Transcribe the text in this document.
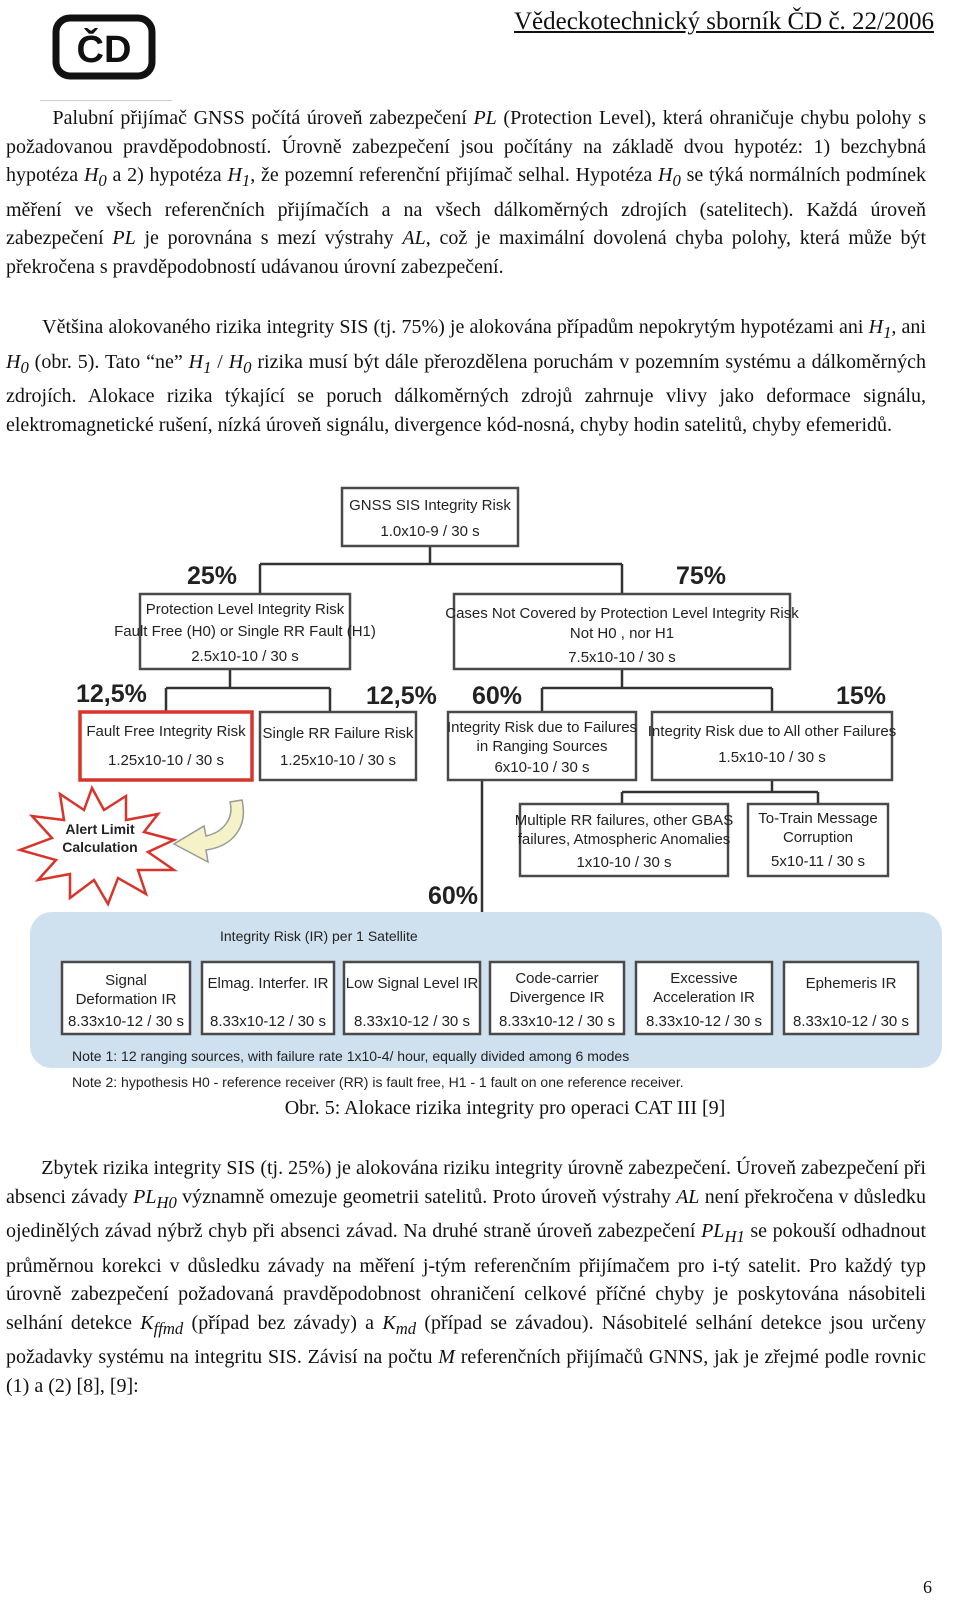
ČD
Vědeckotechnický sborník ČD č. 22/2006
Palubní přijímač GNSS počítá úroveň zabezpečení PL (Protection Level), která ohraničuje chybu polohy s požadovanou pravděpodobností. Úrovně zabezpečení jsou počítány na základě dvou hypotéz: 1) bezchybná hypotéza $H_0$ a 2) hypotéza $H_1$, že pozemní referenční přijímač selhal. Hypotéza $H_0$ se týká normálních podmínek měření ve všech referenčních přijímačích a na všech dálkoměrných zdrojích (satelitech). Každá úroveň zabezpečení PL je porovnána s mezí výstrahy AL, což je maximální dovolená chyba polohy, která může být překročena s pravděpodobností udávanou úrovní zabezpečení.
Většina alokovaného rizika integrity SIS (tj. 75%) je alokována případům nepokrytým hypotézami ani $H_1$, ani $H_0$ (obr. 5). Tato “ne” $H_1 / H_0$ rizika musí být dále přerozdělena poruchám v pozemním systému a dálkoměrných zdrojích. Alokace rizika týkající se poruch dálkoměrných zdrojů zahrnuje vlivy jako deformace signálu, elektromagnetické rušení, nízká úroveň signálu, divergence kód-nosná, chyby hodin satelitů, chyby efemeridů.
GNSS SIS Integrity Risk
1.0x10-9 / 30 s
25%	75%
Protection Level Integrity Risk
Fault Free (H0) or Single RR Fault (H1)
2.5x10-10 / 30 s
Cases Not Covered by Protection Level Integrity Risk
Not H0 , nor H1
7.5x10-10 / 30 s
12,5%	12,5% 60%	15%
Fault Free Integrity Risk
1.25x10-10 / 30 s
Single RR Failure Risk
1.25x10-10 / 30 s
Integrity Risk due to Failures
in Ranging Sources
6x10-10 / 30 s
Integrity Risk due to All other Failures
1.5x10-10 / 30 s
Alert Limit
Calculation
Multiple RR failures, other GBAS
failures, Atmospheric Anomalies
1x10-10 / 30 s
To-Train Message
Corruption
5x10-11 / 30 s
60%
Integrity Risk (IR) per 1 Satellite
Signal
Deformation IR
8.33x10-12 / 30 s
Elmag. Interfer. IR
8.33x10-12 / 30 s
Low Signal Level IR
8.33x10-12 / 30 s
Code-carrier
Divergence IR
8.33x10-12 / 30 s
Excessive
Acceleration IR
8.33x10-12 / 30 s
Ephemeris IR
8.33x10-12 / 30 s
Note 1: 12 ranging sources, with failure rate 1x10-4/ hour, equally divided among 6 modes
Note 2: hypothesis H0 - reference receiver (RR) is fault free, H1 - 1 fault on one reference receiver.
Obr. 5: Alokace rizika integrity pro operaci CAT III [9]
Zbytek rizika integrity SIS (tj. 25%) je alokována riziku integrity úrovně zabezpečení. Úroveň zabezpečení při absenci závady $PL_{H0}$ významně omezuje geometrii satelitů. Proto úroveň výstrahy AL není překročena v důsledku ojedinělých závad nýbrž chyb při absenci závad. Na druhé straně úroveň zabezpečení $PL_{H1}$ se pokouší odhadnout průměrnou korekci v důsledku závady na měření j-tým referenčním přijímačem pro i-tý satelit. Pro každý typ úrovně zabezpečení požadovaná pravděpodobnost ohraničení celkové příčné chyby je poskytována násobiteli selhání detekce $K_{ffmd}$ (případ bez závady) a $K_{md}$ (případ se závadou). Násobitelé selhání detekce jsou určeny požadavky systému na integritu SIS. Závisí na počtu M referenčních přijímačů GNNS, jak je zřejmé podle rovnic (1) a (2) [8], [9]:
6
